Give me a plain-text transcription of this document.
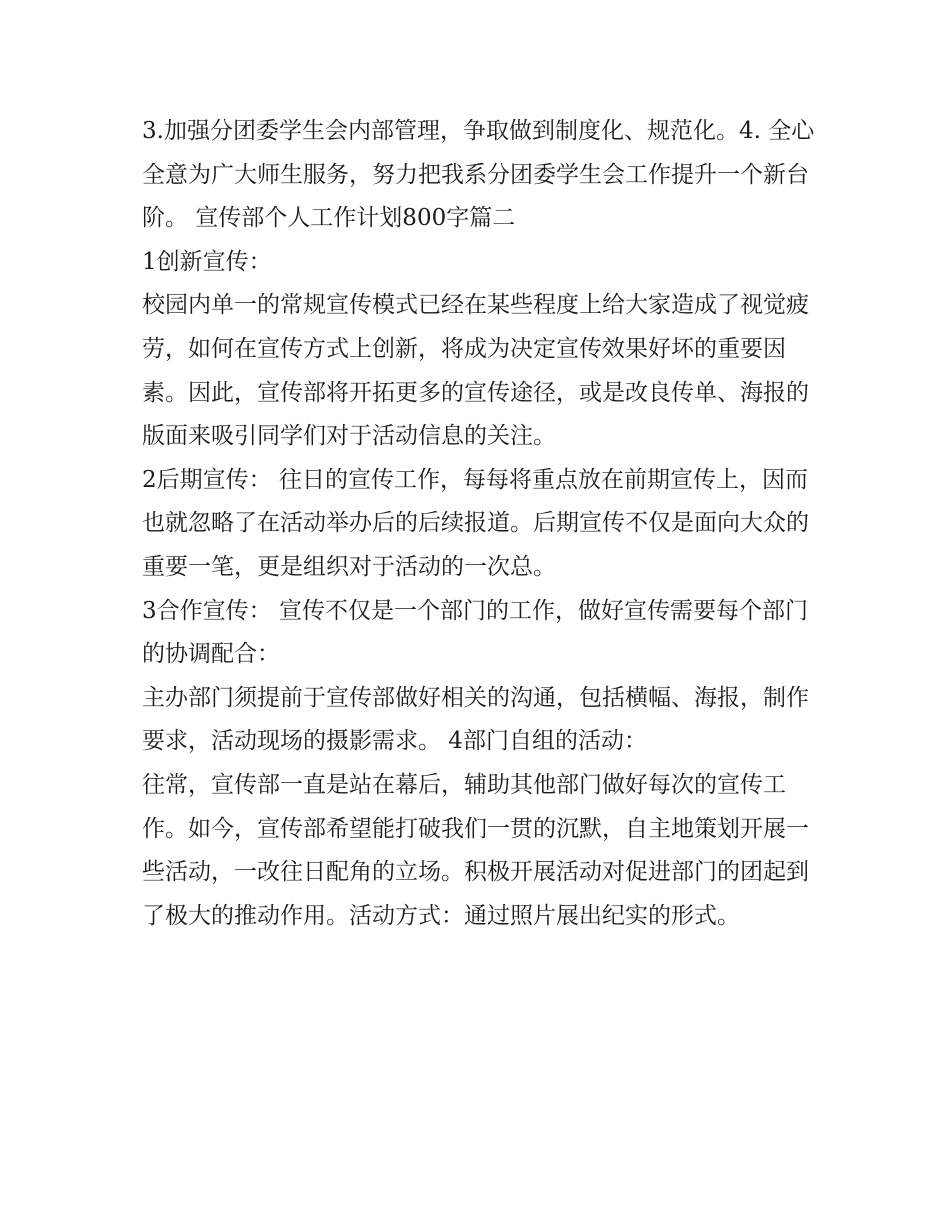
3.加强分团委学生会内部管理，争取做到制度化、规范化。4. 全心全意为广大师生服务，努力把我系分团委学生会工作提升一个新台阶。 宣传部个人工作计划800字篇二

1创新宣传：

校园内单一的常规宣传模式已经在某些程度上给大家造成了视觉疲劳，如何在宣传方式上创新，将成为决定宣传效果好坏的重要因素。因此，宣传部将开拓更多的宣传途径，或是改良传单、海报的版面来吸引同学们对于活动信息的关注。

2后期宣传： 往日的宣传工作，每每将重点放在前期宣传上，因而也就忽略了在活动举办后的后续报道。后期宣传不仅是面向大众的重要一笔，更是组织对于活动的一次总。

3合作宣传： 宣传不仅是一个部门的工作，做好宣传需要每个部门的协调配合：

主办部门须提前于宣传部做好相关的沟通，包括横幅、海报，制作要求，活动现场的摄影需求。 4部门自组的活动：

往常，宣传部一直是站在幕后，辅助其他部门做好每次的宣传工作。如今，宣传部希望能打破我们一贯的沉默，自主地策划开展一些活动，一改往日配角的立场。积极开展活动对促进部门的团起到了极大的推动作用。活动方式：通过照片展出纪实的形式。
